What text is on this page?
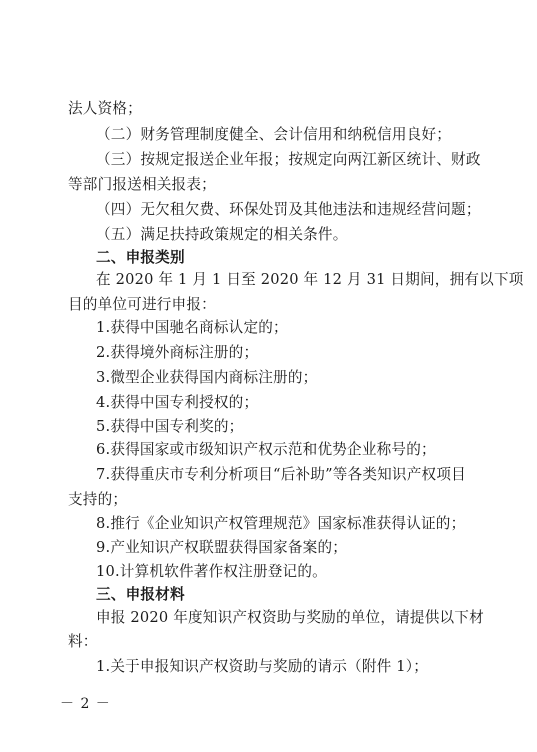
法人资格；
（二）财务管理制度健全、会计信用和纳税信用良好；
（三）按规定报送企业年报；按规定向两江新区统计、财政
等部门报送相关报表；
（四）无欠租欠费、环保处罚及其他违法和违规经营问题；
（五）满足扶持政策规定的相关条件。
二、申报类别
在 2020 年 1 月 1 日至 2020 年 12 月 31 日期间，拥有以下项
目的单位可进行申报：
1.获得中国驰名商标认定的；
2.获得境外商标注册的；
3.微型企业获得国内商标注册的；
4.获得中国专利授权的；
5.获得中国专利奖的；
6.获得国家或市级知识产权示范和优势企业称号的；
7.获得重庆市专利分析项目“后补助”等各类知识产权项目
支持的；
8.推行《企业知识产权管理规范》国家标准获得认证的；
9.产业知识产权联盟获得国家备案的；
10.计算机软件著作权注册登记的。
三、申报材料
申报 2020 年度知识产权资助与奖励的单位，请提供以下材
料：
1.关于申报知识产权资助与奖励的请示（附件 1）；
－ 2 －
